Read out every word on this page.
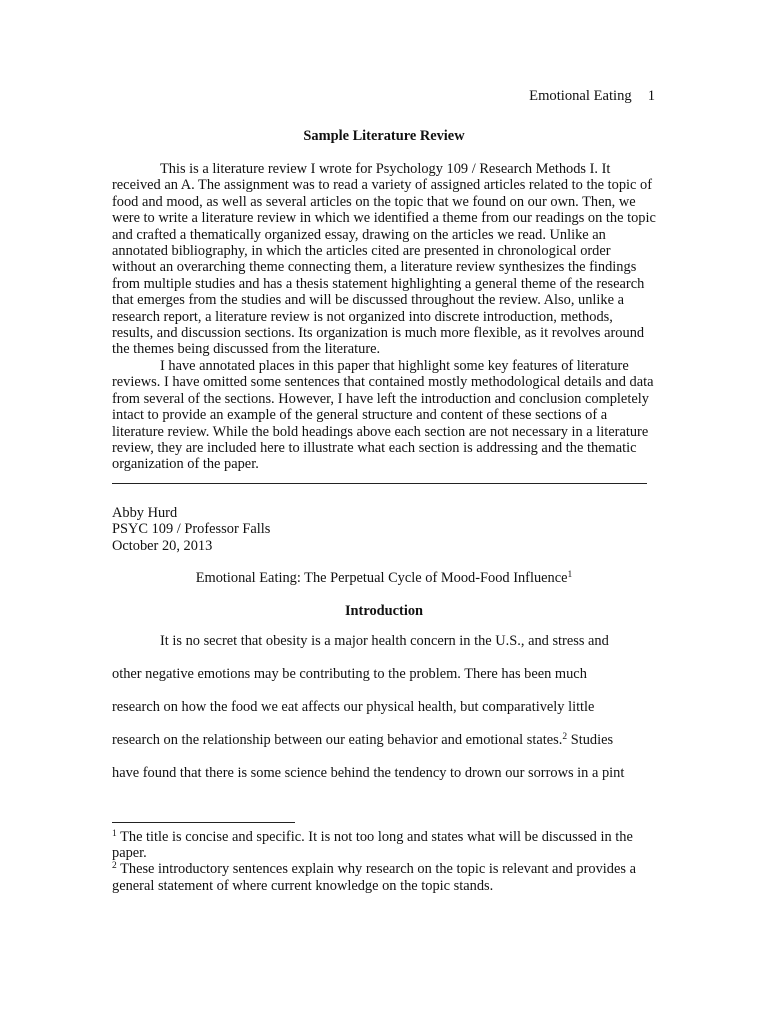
Emotional Eating 1
Sample Literature Review

This is a literature review I wrote for Psychology 109 / Research Methods I. It received an A. The assignment was to read a variety of assigned articles related to the topic of food and mood, as well as several articles on the topic that we found on our own. Then, we were to write a literature review in which we identified a theme from our readings on the topic and crafted a thematically organized essay, drawing on the articles we read. Unlike an annotated bibliography, in which the articles cited are presented in chronological order without an overarching theme connecting them, a literature review synthesizes the findings from multiple studies and has a thesis statement highlighting a general theme of the research that emerges from the studies and will be discussed throughout the review. Also, unlike a research report, a literature review is not organized into discrete introduction, methods, results, and discussion sections. Its organization is much more flexible, as it revolves around the themes being discussed from the literature.

I have annotated places in this paper that highlight some key features of literature reviews. I have omitted some sentences that contained mostly methodological details and data from several of the sections. However, I have left the introduction and conclusion completely intact to provide an example of the general structure and content of these sections of a literature review. While the bold headings above each section are not necessary in a literature review, they are included here to illustrate what each section is addressing and the thematic organization of the paper.

Abby Hurd
PSYC 109 / Professor Falls
October 20, 2013
Emotional Eating: The Perpetual Cycle of Mood-Food Influence$^1$
Introduction
It is no secret that obesity is a major health concern in the U.S., and stress and
other negative emotions may be contributing to the problem. There has been much
research on how the food we eat affects our physical health, but comparatively little
research on the relationship between our eating behavior and emotional states.$^2$ Studies
have found that there is some science behind the tendency to drown our sorrows in a pint

$^1$ The title is concise and specific. It is not too long and states what will be discussed in the paper.

$^2$ These introductory sentences explain why research on the topic is relevant and provides a general statement of where current knowledge on the topic stands.
